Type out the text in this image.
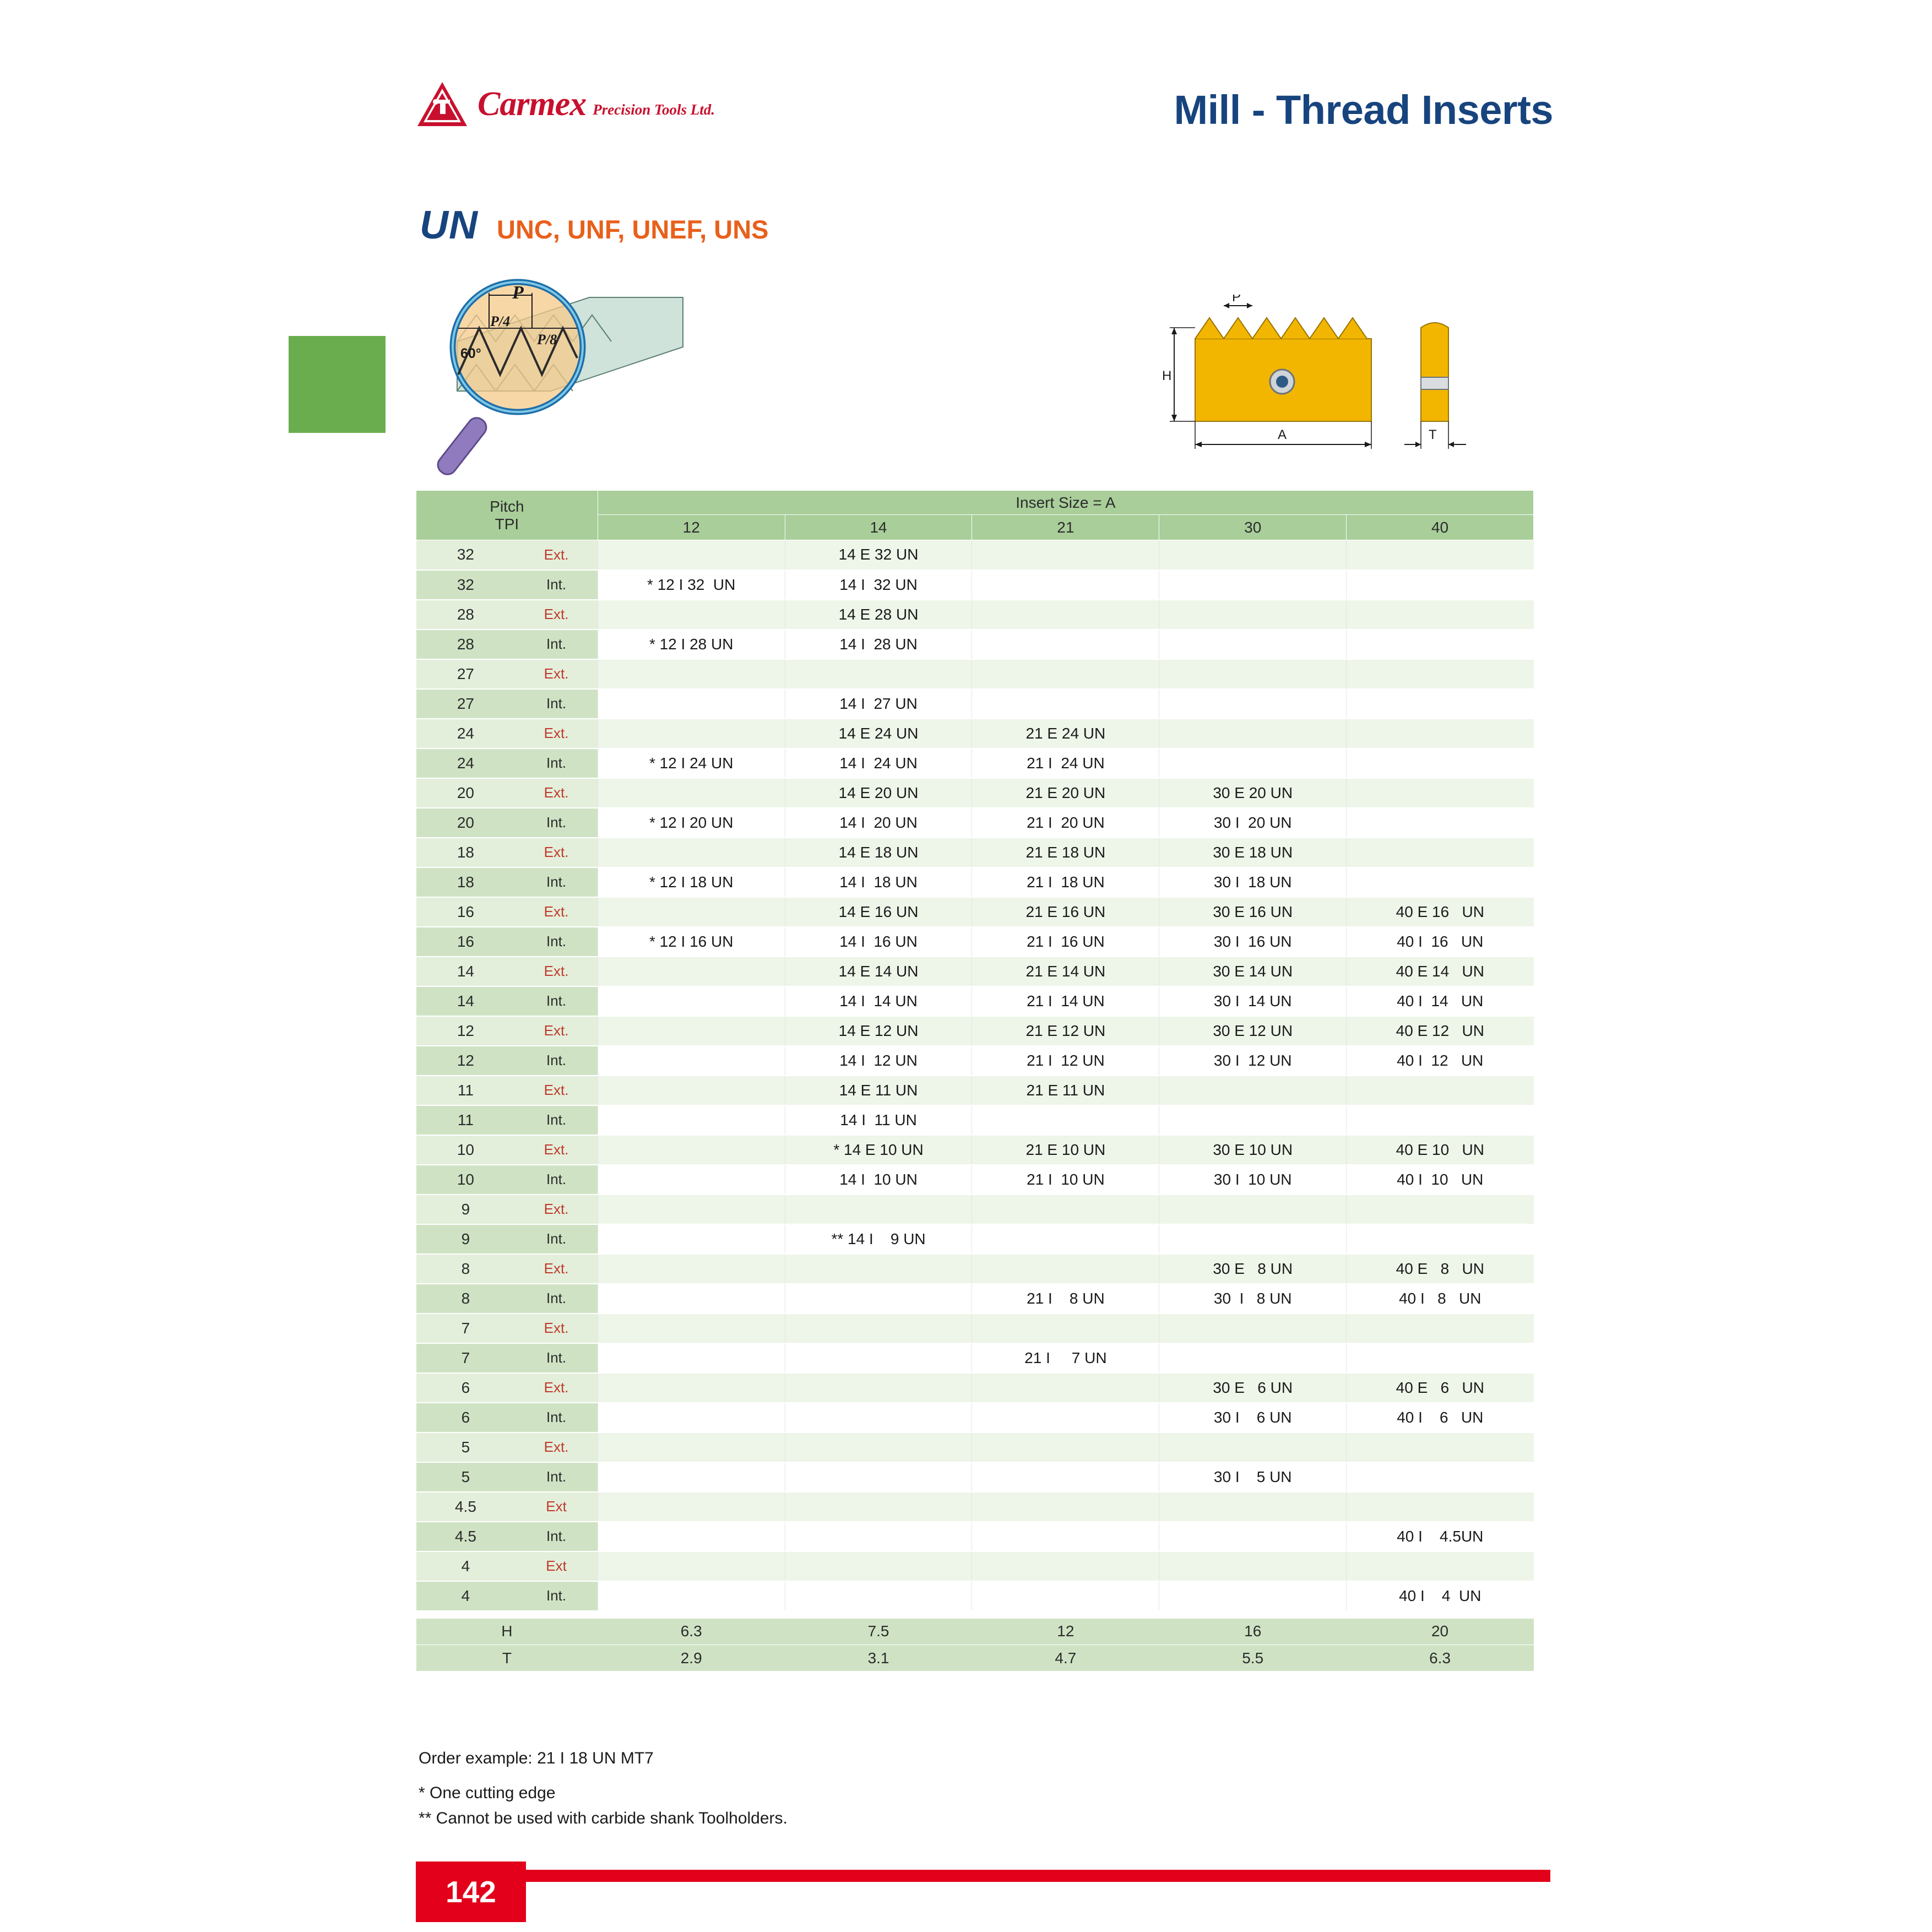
Carmex Precision Tools Ltd.	Mill - Thread Inserts
UN UNC, UNF, UNEF, UNS
P
P/4
P/8
60°
P
H
A	T
Pitch
TPI		Insert Size = A				
		12	14	21	30	40
32	Ext.		14 E 32 UN			
32	Int.	* 12 I 32  UN	14 I  32 UN			
28	Ext.		14 E 28 UN			
28	Int.	* 12 I 28 UN	14 I  28 UN			
27	Ext.					
27	Int.		14 I  27 UN			
24	Ext.		14 E 24 UN	21 E 24 UN		
24	Int.	* 12 I 24 UN	14 I  24 UN	21 I  24 UN		
20	Ext.		14 E 20 UN	21 E 20 UN	30 E 20 UN	
20	Int.	* 12 I 20 UN	14 I  20 UN	21 I  20 UN	30 I  20 UN	
18	Ext.		14 E 18 UN	21 E 18 UN	30 E 18 UN	
18	Int.	* 12 I 18 UN	14 I  18 UN	21 I  18 UN	30 I  18 UN	
16	Ext.		14 E 16 UN	21 E 16 UN	30 E 16 UN	40 E 16   UN
16	Int.	* 12 I 16 UN	14 I  16 UN	21 I  16 UN	30 I  16 UN	40 I  16   UN
14	Ext.		14 E 14 UN	21 E 14 UN	30 E 14 UN	40 E 14   UN
14	Int.		14 I  14 UN	21 I  14 UN	30 I  14 UN	40 I  14   UN
12	Ext.		14 E 12 UN	21 E 12 UN	30 E 12 UN	40 E 12   UN
12	Int.		14 I  12 UN	21 I  12 UN	30 I  12 UN	40 I  12   UN
11	Ext.		14 E 11 UN	21 E 11 UN		
11	Int.		14 I  11 UN			
10	Ext.		* 14 E 10 UN	21 E 10 UN	30 E 10 UN	40 E 10   UN
10	Int.		14 I  10 UN	21 I  10 UN	30 I  10 UN	40 I  10   UN
9	Ext.					
9	Int.		** 14 I    9 UN			
8	Ext.				30 E   8 UN	40 E   8   UN
8	Int.			21 I    8 UN	30  I   8 UN	40 I   8   UN
7	Ext.					
7	Int.			21 I     7 UN		
6	Ext.				30 E   6 UN	40 E   6   UN
6	Int.				30 I    6 UN	40 I    6   UN
5	Ext.					
5	Int.				30 I    5 UN	
4.5	Ext					
4.5	Int.					40 I    4.5UN
4	Ext					
4	Int.					40 I    4  UN

H		6.3	7.5	12	16	20
T		2.9	3.1	4.7	5.5	6.3
Order example: 21 I 18 UN MT7
* One cutting edge
** Cannot be used with carbide shank Toolholders.
142
